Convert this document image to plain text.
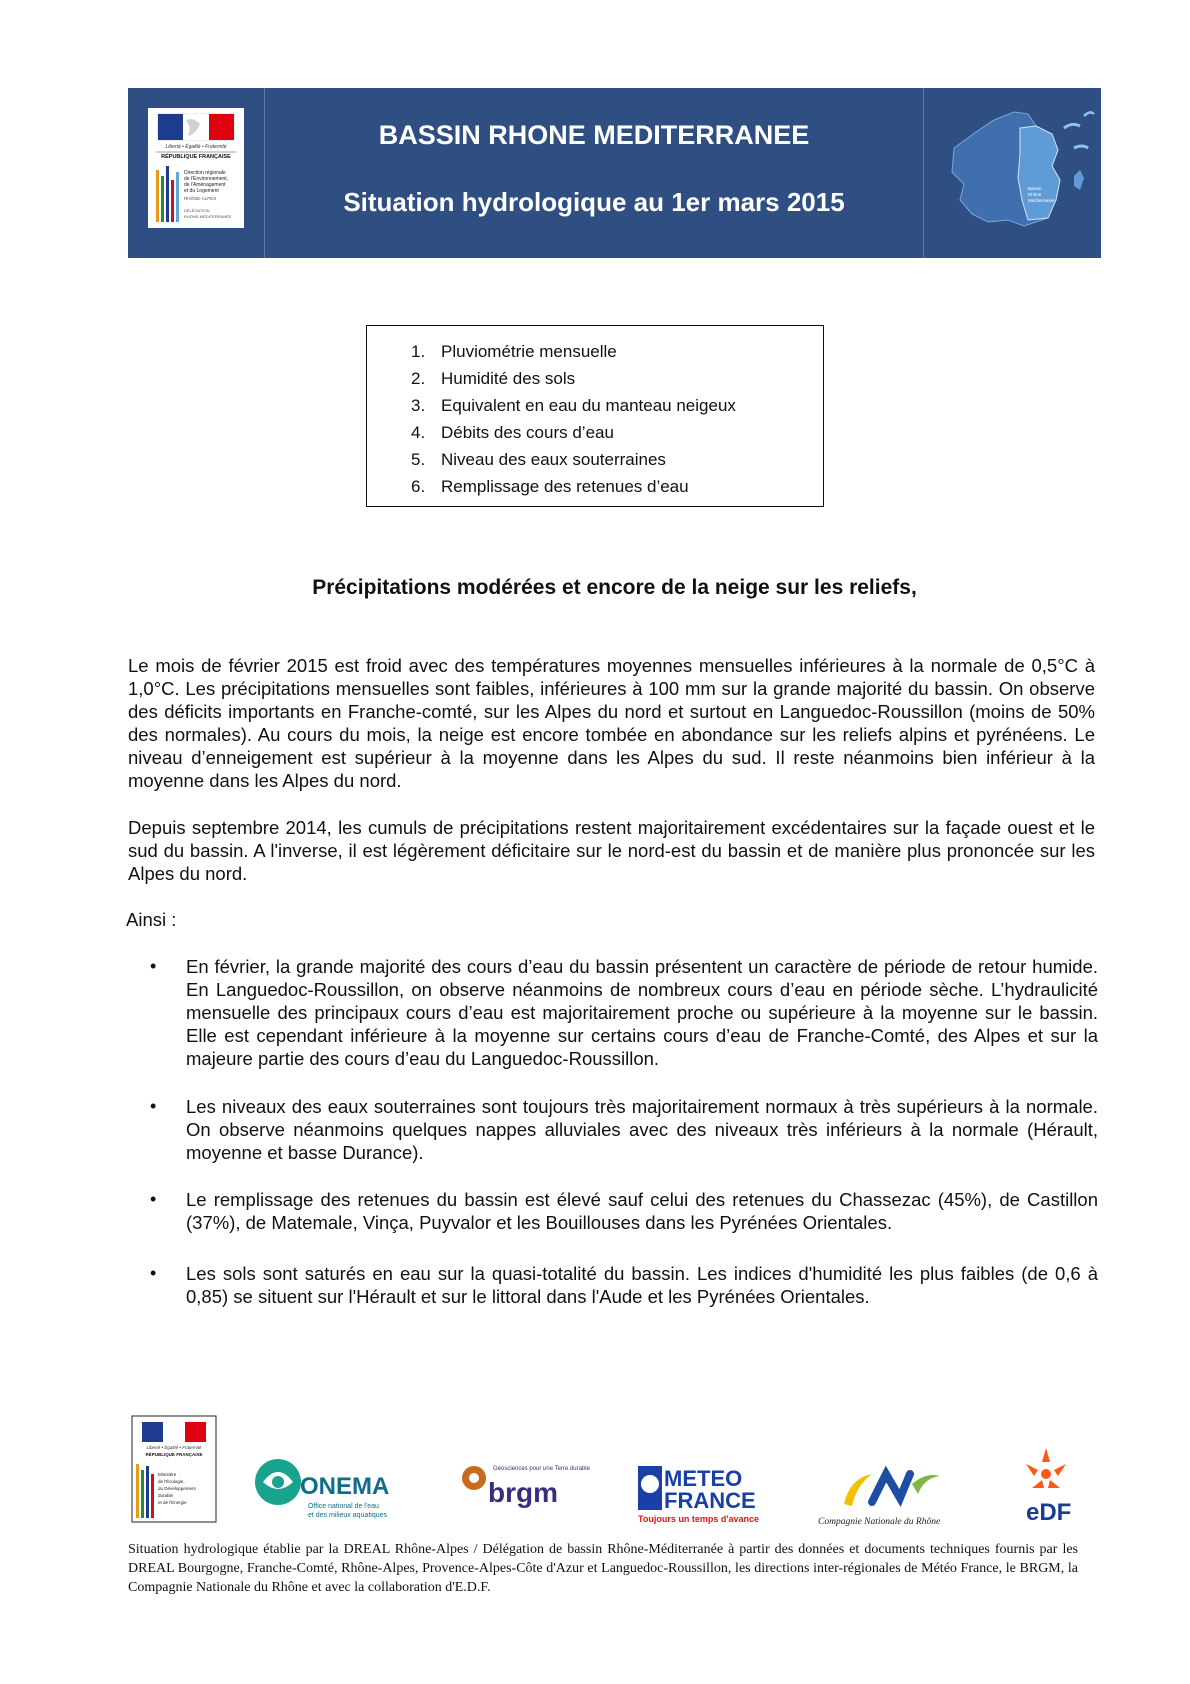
Liberté • Égalité • Fraternité
RÉPUBLIQUE FRANÇAISE
Direction régionale
de l'Environnement,
de l'Aménagement
et du Logement
RHÔNE-ALPES
DÉLÉGATION
RHÔNE-MÉDITERRANÉE
BASSIN RHONE MEDITERRANEE
Situation hydrologique au 1er mars 2015	Bassin
Rhône
Méditerranée
1. Pluviométrie mensuelle
2. Humidité des sols
3. Equivalent en eau du manteau neigeux
4. Débits des cours d’eau
5. Niveau des eaux souterraines
6. Remplissage des retenues d’eau
Précipitations modérées et encore de la neige sur les reliefs,
Le mois de février 2015 est froid avec des températures moyennes mensuelles inférieures à la normale de 0,5°C à 1,0°C. Les précipitations mensuelles sont faibles, inférieures à 100 mm sur la grande majorité du bassin. On observe des déficits importants en Franche-comté, sur les Alpes du nord et surtout en Languedoc-Roussillon (moins de 50% des normales). Au cours du mois, la neige est encore tombée en abondance sur les reliefs alpins et pyrénéens. Le niveau d’enneigement est supérieur à la moyenne dans les Alpes du sud. Il reste néanmoins bien inférieur à la moyenne dans les Alpes du nord.
Depuis septembre 2014, les cumuls de précipitations restent majoritairement excédentaires sur la façade ouest et le sud du bassin. A l'inverse, il est légèrement déficitaire sur le nord-est du bassin et de manière plus prononcée sur les Alpes du nord.
Ainsi :
• En février, la grande majorité des cours d’eau du bassin présentent un caractère de période de retour humide. En Languedoc-Roussillon, on observe néanmoins de nombreux cours d’eau en période sèche. L’hydraulicité mensuelle des principaux cours d’eau est majoritairement proche ou supérieure à la moyenne sur le bassin. Elle est cependant inférieure à la moyenne sur certains cours d’eau de Franche-Comté, des Alpes et sur la majeure partie des cours d’eau du Languedoc-Roussillon.
• Les niveaux des eaux souterraines sont toujours très majoritairement normaux à très supérieurs à la normale. On observe néanmoins quelques nappes alluviales avec des niveaux très inférieurs à la normale (Hérault, moyenne et basse Durance).
• Le remplissage des retenues du bassin est élevé sauf celui des retenues du Chassezac (45%), de Castillon (37%), de Matemale, Vinça, Puyvalor et les Bouillouses dans les Pyrénées Orientales.
• Les sols sont saturés en eau sur la quasi-totalité du bassin. Les indices d'humidité les plus faibles (de 0,6 à 0,85) se situent sur l'Hérault et sur le littoral dans l'Aude et les Pyrénées Orientales.
Liberté • Égalité • Fraternité
RÉPUBLIQUE FRANÇAISE
Ministère
de l'Écologie,
du Développement
durable
et de l'Énergie
ONEMA
Office national de l'eau
et des milieux aquatiques
brgm
Géosciences pour une Terre durable	METEO
FRANCE
Toujours un temps d'avance	Compagnie Nationale du Rhône	eDF
Situation hydrologique établie par la DREAL Rhône-Alpes / Délégation de bassin Rhône-Méditerranée à partir des données et documents techniques fournis par les DREAL Bourgogne, Franche-Comté, Rhône-Alpes, Provence-Alpes-Côte d'Azur et Languedoc-Roussillon, les directions inter-régionales de Météo France, le BRGM, la Compagnie Nationale du Rhône et avec la collaboration d'E.D.F.
